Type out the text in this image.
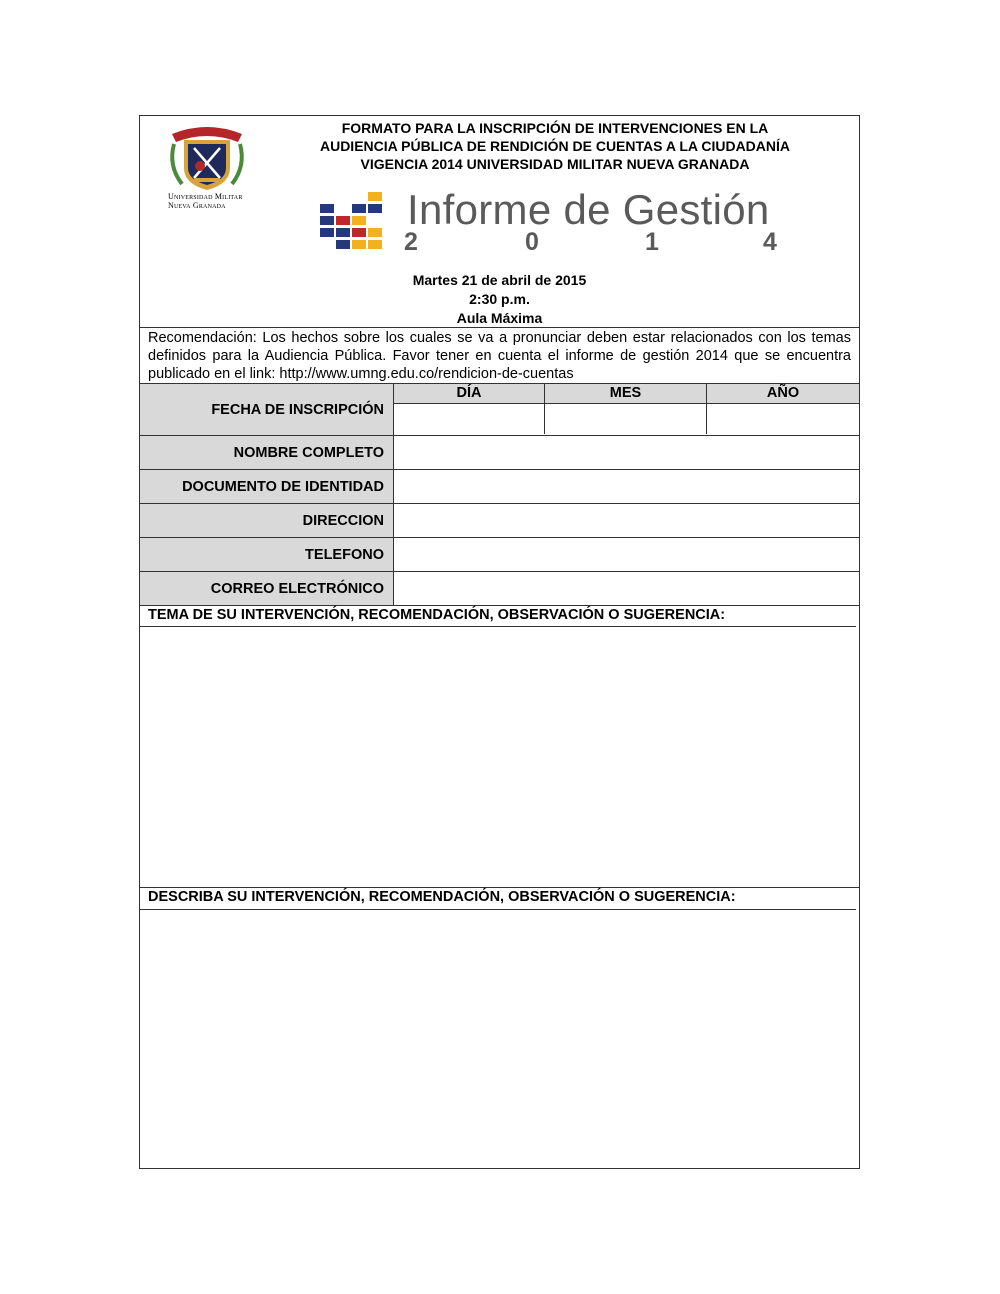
Universidad Militar
Nueva Granada
FORMATO PARA LA INSCRIPCIÓN DE INTERVENCIONES EN LA
AUDIENCIA PÚBLICA DE RENDICIÓN DE CUENTAS A LA CIUDADANÍA
VIGENCIA 2014 UNIVERSIDAD MILITAR NUEVA GRANADA
Informe de Gestión
2	0	1	4
Martes 21 de abril de 2015
2:30 p.m.
Aula Máxima
Recomendación: Los hechos sobre los cuales se va a pronunciar deben estar relacionados con los temas definidos para la Audiencia Pública. Favor tener en cuenta el informe de gestión 2014 que se encuentra publicado en el link: http://www.umng.edu.co/rendicion-de-cuentas
FECHA DE INSCRIPCIÓN
DÍA	MES	AÑO
NOMBRE COMPLETO
DOCUMENTO DE IDENTIDAD
DIRECCION
TELEFONO
CORREO ELECTRÓNICO
TEMA DE SU INTERVENCIÓN, RECOMENDACIÓN, OBSERVACIÓN O SUGERENCIA:
DESCRIBA SU INTERVENCIÓN, RECOMENDACIÓN, OBSERVACIÓN O SUGERENCIA:
